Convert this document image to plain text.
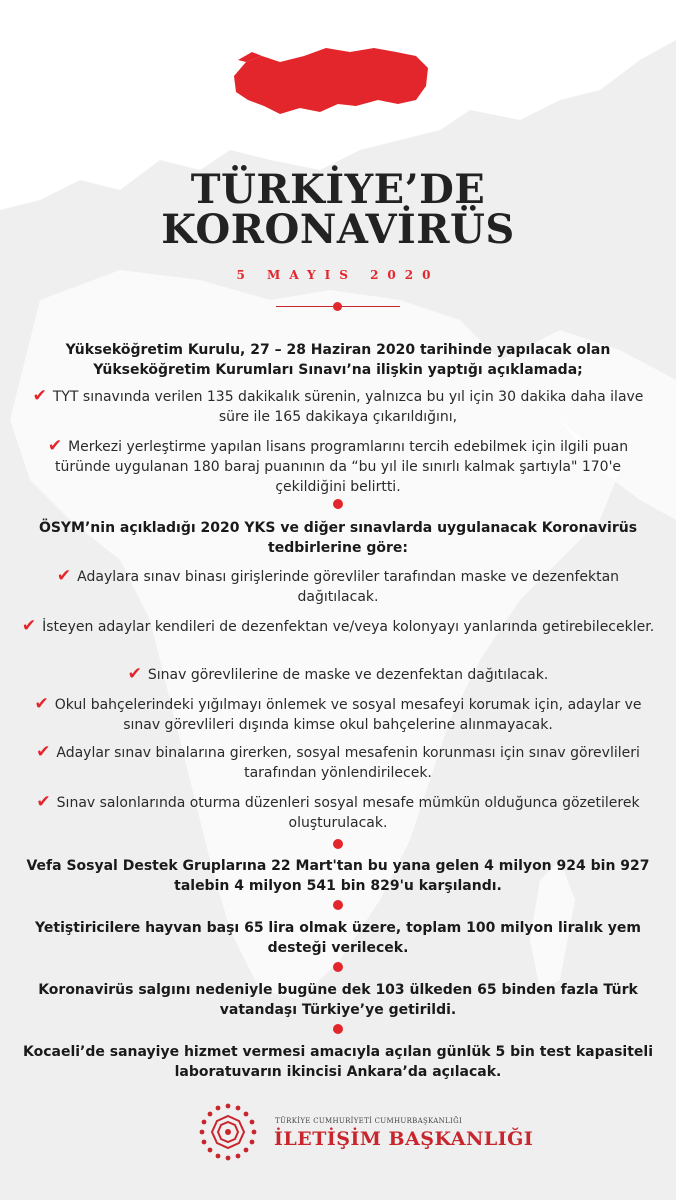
TÜRKİYE’DE
KORONAVİRÜS
5 MAYIS 2020
Yükseköğretim Kurulu, 27 – 28 Haziran 2020 tarihinde yapılacak olan Yükseköğretim Kurumları Sınavı’na ilişkin yaptığı açıklamada;
✔ TYT sınavında verilen 135 dakikalık sürenin, yalnızca bu yıl için 30 dakika daha ilave süre ile 165 dakikaya çıkarıldığını,
✔ Merkezi yerleştirme yapılan lisans programlarını tercih edebilmek için ilgili puan türünde uygulanan 180 baraj puanının da “bu yıl ile sınırlı kalmak şartıyla" 170'e çekildiğini belirtti.
ÖSYM’nin açıkladığı 2020 YKS ve diğer sınavlarda uygulanacak Koronavirüs tedbirlerine göre:
✔ Adaylara sınav binası girişlerinde görevliler tarafından maske ve dezenfektan dağıtılacak.
✔ İsteyen adaylar kendileri de dezenfektan ve/veya kolonyayı yanlarında getirebilecekler.
✔ Sınav görevlilerine de maske ve dezenfektan dağıtılacak.
✔ Okul bahçelerindeki yığılmayı önlemek ve sosyal mesafeyi korumak için, adaylar ve sınav görevlileri dışında kimse okul bahçelerine alınmayacak.
✔ Adaylar sınav binalarına girerken, sosyal mesafenin korunması için sınav görevlileri tarafından yönlendirilecek.
✔ Sınav salonlarında oturma düzenleri sosyal mesafe mümkün olduğunca gözetilerek oluşturulacak.
Vefa Sosyal Destek Gruplarına 22 Mart'tan bu yana gelen 4 milyon 924 bin 927 talebin 4 milyon 541 bin 829'u karşılandı.
Yetiştiricilere hayvan başı 65 lira olmak üzere, toplam 100 milyon liralık yem desteği verilecek.
Koronavirüs salgını nedeniyle bugüne dek 103 ülkeden 65 binden fazla Türk vatandaşı Türkiye’ye getirildi.
Kocaeli’de sanayiye hizmet vermesi amacıyla açılan günlük 5 bin test kapasiteli laboratuvarın ikincisi Ankara’da açılacak.
TÜRKİYE CUMHURİYETİ CUMHURBAŞKANLIĞI
İLETİŞİM BAŞKANLIĞI
